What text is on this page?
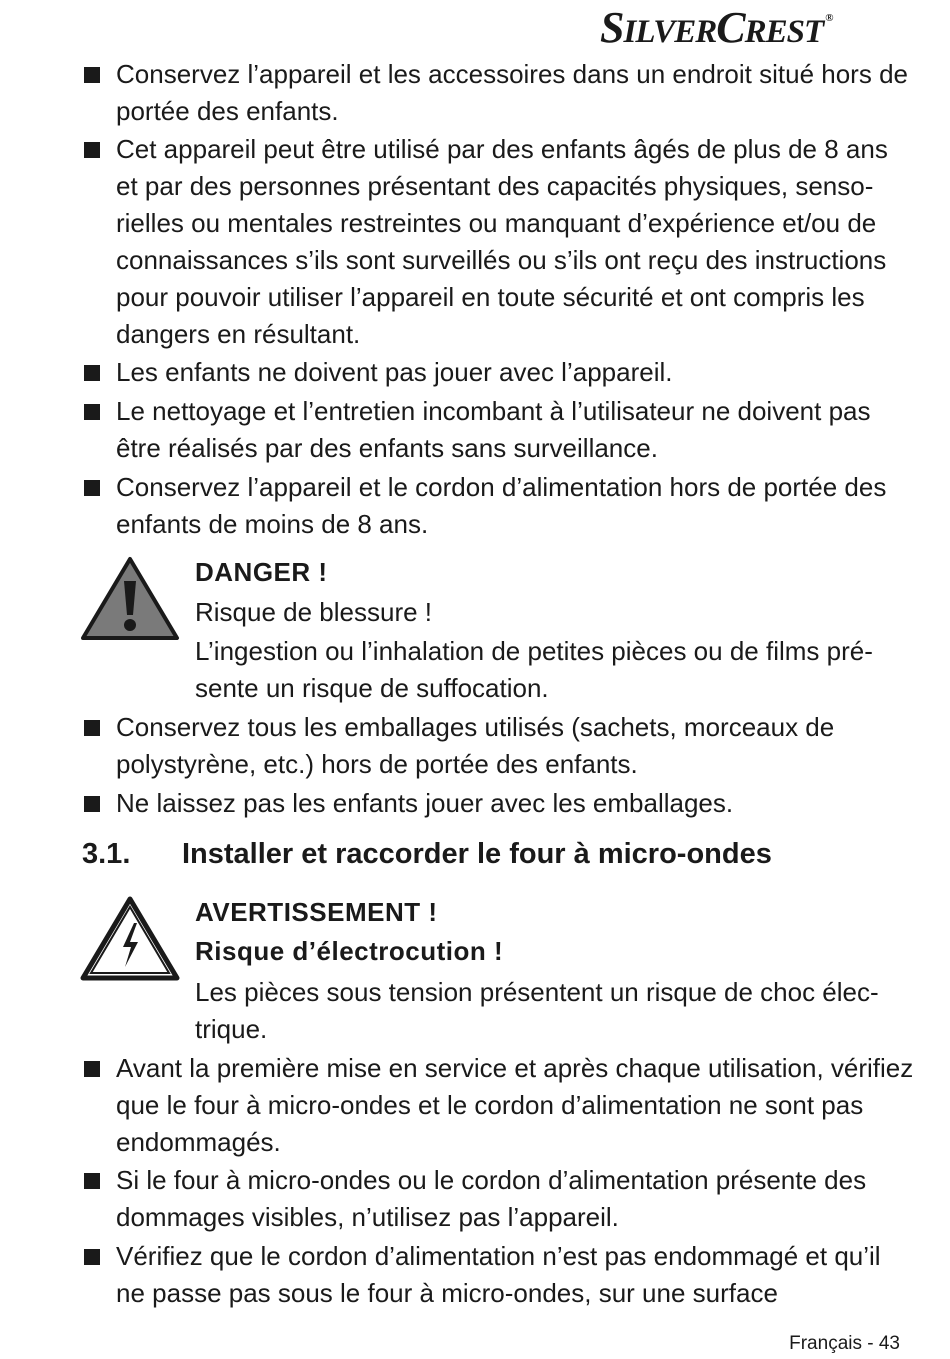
SILVERCREST ®
Conservez l’appareil et les accessoires dans un endroit situé hors de portée des enfants.
Cet appareil peut être utilisé par des enfants âgés de plus de 8 ans et par des personnes présentant des capacités physiques, sensorielles ou mentales restreintes ou manquant d’expérience et/ou de connaissances s’ils sont surveillés ou s’ils ont reçu des instructions pour pouvoir utiliser l’appareil en toute sécurité et ont compris les dangers en résultant.
Les enfants ne doivent pas jouer avec l’appareil.
Le nettoyage et l’entretien incombant à l’utilisateur ne doivent pas être réalisés par des enfants sans surveillance.
Conservez l’appareil et le cordon d’alimentation hors de portée des enfants de moins de 8 ans.
DANGER !
Risque de blessure !
L’ingestion ou l’inhalation de petites pièces ou de films présente un risque de suffocation.
Conservez tous les emballages utilisés (sachets, morceaux de polystyrène, etc.) hors de portée des enfants.
Ne laissez pas les enfants jouer avec les emballages.
3.1. Installer et raccorder le four à micro-ondes
AVERTISSEMENT !
Risque d’électrocution !
Les pièces sous tension présentent un risque de choc électrique.
Avant la première mise en service et après chaque utilisation, vérifiez que le four à micro-ondes et le cordon d’alimentation ne sont pas endommagés.
Si le four à micro-ondes ou le cordon d’alimentation présente des dommages visibles, n’utilisez pas l’appareil.
Vérifiez que le cordon d’alimentation n’est pas endommagé et qu’il ne passe pas sous le four à micro-ondes, sur une surface
Français - 43
